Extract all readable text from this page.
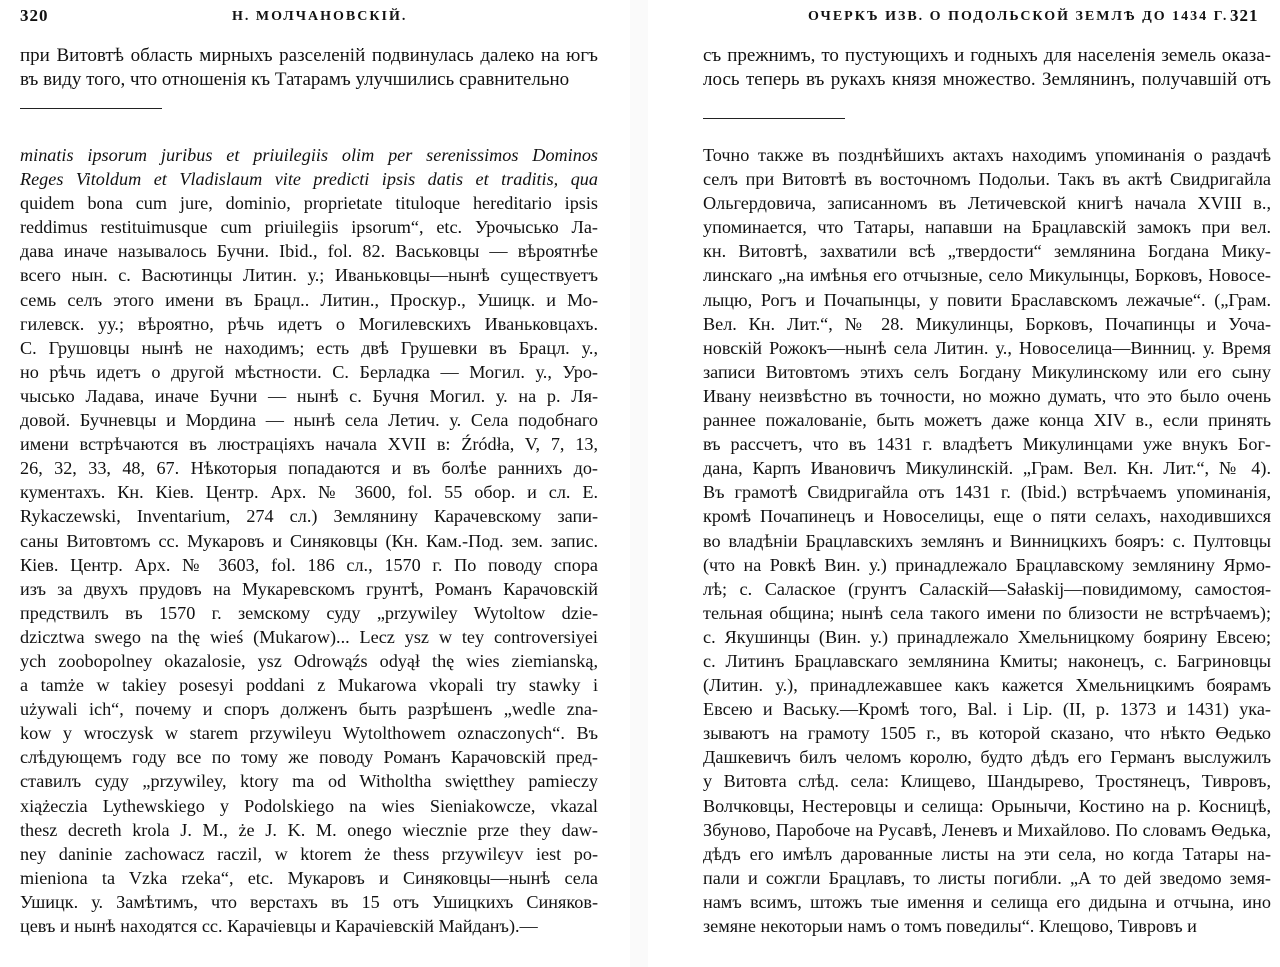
320	Н. МОЛЧАНОВСКІЙ.
при Витовтѣ область мирныхъ разселеній подвинулась далеко на югъ
въ виду того, что отношенія къ Татарамъ улучшились сравнительно
minatis ipsorum juribus et priuilegiis olim per serenissimos Dominos
Reges Vitoldum et Vladislaum vite predicti ipsis datis et traditis, qua
quidem bona cum jure, dominio, proprietate tituloque hereditario ipsis
reddimus restituimusque cum priuilegiis ipsorum“, etc. Урочысько Ла-
дава иначе называлось Бучни. Ibid., fol. 82. Васьковцы — вѣроятнѣе
всего нын. с. Васютинцы Литин. у.; Иваньковцы—нынѣ существуетъ
семь селъ этого имени въ Брацл.. Литин., Проскур., Ушицк. и Мо-
гилевск. уу.; вѣроятно, рѣчь идетъ о Могилевскихъ Иваньковцахъ.
С. Грушовцы нынѣ не находимъ; есть двѣ Грушевки въ Брацл. у.,
но рѣчь идетъ о другой мѣстности. С. Берладка — Могил. у., Уро-
чысько Ладава, иначе Бучни — нынѣ с. Бучня Могил. у. на р. Ля-
довой. Бучневцы и Мордина — нынѣ села Летич. у. Села подобнаго
имени встрѣчаются въ люстраціяхъ начала XVII в: Źródła, V, 7, 13,
26, 32, 33, 48, 67. Нѣкоторыя попадаются и въ болѣе раннихъ до-
кументахъ. Кн. Кiев. Центр. Арх. № 3600, fol. 55 обор. и сл. E.
Rykaczewski, Inventarium, 274 сл.) Землянину Карачевскому запи-
саны Витовтомъ сс. Мукаровъ и Синяковцы (Кн. Кам.-Под. зем. запис.
Кiев. Центр. Арх. № 3603, fol. 186 сл., 1570 г. По поводу спора
изъ за двухъ прудовъ на Мукаревскомъ грунтѣ, Романъ Карачовскій
предствилъ въ 1570 г. земскому суду „przywiley Wytoltow dzie-
dzicztwa swego na thę wieś (Mukarow)... Lecz ysz w tey controversiyei
ych zoobopolney okazalosie, ysz Odrowąźs odyął thę wies ziemianską,
a tamże w takiey posesyi poddani z Mukarowa vkopali try stawky i
używali ich“, почему и споръ долженъ быть разрѣшенъ „wedle zna-
kow y wroczysk w starem przywileyu Wytolthowem oznaczonych“. Въ
слѣдующемъ году все по тому же поводу Романъ Карачовскій пред-
ставилъ суду „przywiley, ktory ma od Witholtha swiętthey pamieczy
xiążeczia Lythewskiego y Podolskiego na wies Sieniakowcze, vkazal
thesz decreth krola J. M., że J. K. M. onego wiecznie prze they daw-
ney daninie zachowacz raczil, w ktorem że thess przywilєуv iest po-
mieniona ta Vzka rzeka“, etc. Мукаровъ и Синяковцы—нынѣ села
Ушицк. у. Замѣтимъ, что верстахъ въ 15 отъ Ушицкихъ Синяков-
цевъ и нынѣ находятся сс. Карачiевцы и Карачiевскій Майданъ).—
ОЧЕРКЪ ИЗВ. О ПОДОЛЬСКОЙ ЗЕМЛѢ ДО 1434 Г. 321
съ прежнимъ, то пустующихъ и годныхъ для населенія земель оказа-
лось теперь въ рукахъ князя множество. Землянинъ, получавшій отъ
Точно также въ позднѣйшихъ актахъ находимъ упоминанія о раздачѣ
селъ при Витовтѣ въ восточномъ Подольи. Такъ въ актѣ Свидригайла
Ольгердовича, записанномъ въ Летичевской книгѣ начала XVIII в.,
упоминается, что Татары, напавши на Брацлавскій замокъ при вел.
кн. Витовтѣ, захватили всѣ „твердости“ землянина Богдана Мику-
линскаго „на имѣнья его отчызные, село Микулынцы, Борковъ, Новосе-
лыцю, Рогъ и Почапынцы, у повити Браславскомъ лежачые“. („Грам.
Вел. Кн. Лит.“, № 28. Микулинцы, Борковъ, Почапинцы и Уоча-
новскій Рожокъ—нынѣ села Литин. у., Новоселица—Винниц. у. Время
записи Витовтомъ этихъ селъ Богдану Микулинскому или его сыну
Ивану неизвѣстно въ точности, но можно думать, что это было очень
раннее пожалованіе, быть можетъ даже конца XIV в., если принять
въ рассчетъ, что въ 1431 г. владѣетъ Микулинцами уже внукъ Бог-
дана, Карпъ Ивановичъ Микулинскій. „Грам. Вел. Кн. Лит.“, № 4).
Въ грамотѣ Свидригайла отъ 1431 г. (Ibid.) встрѣчаемъ упоминанія,
кромѣ Почапинецъ и Новоселицы, еще о пяти селахъ, находившихся
во владѣніи Брацлавскихъ землянъ и Винницкихъ бояръ: с. Пултовцы
(что на Ровкѣ Вин. у.) принадлежало Брацлавскому землянину Ярмо-
лѣ; с. Салаское (грунтъ Саласкій—Sałaskij—повидимому, самостоя-
тельная община; нынѣ села такого имени по близости не встрѣчаемъ);
с. Якушинцы (Вин. у.) принадлежало Хмельницкому боярину Евсею;
с. Литинъ Брацлавскаго землянина Кмиты; наконецъ, с. Багриновцы
(Литин. у.), принадлежавшее какъ кажется Хмельницкимъ боярамъ
Евсею и Ваську.—Кромѣ того, Bal. i Lip. (II, p. 1373 и 1431) ука-
зываютъ на грамоту 1505 г., въ которой сказано, что нѣкто Өедько
Дашкевичъ билъ челомъ королю, будто дѣдъ его Германъ выслужилъ
у Витовта слѣд. села: Клищево, Шандырево, Тростянецъ, Тивровъ,
Волчковцы, Нестеровцы и селища: Орынычи, Костино на р. Косницѣ,
Збуново, Паробоче на Русавѣ, Леневъ и Михайлово. По словамъ Өедька,
дѣдъ его имѣлъ дарованные листы на эти села, но когда Татары на-
пали и сожгли Брацлавъ, то листы погибли. „А то дей зведомо земя-
намъ всимъ, штожъ тые имення и селища его дидына и отчына, ино
земяне некоторыи намъ о томъ поведилы“. Клещово, Тивровъ и
